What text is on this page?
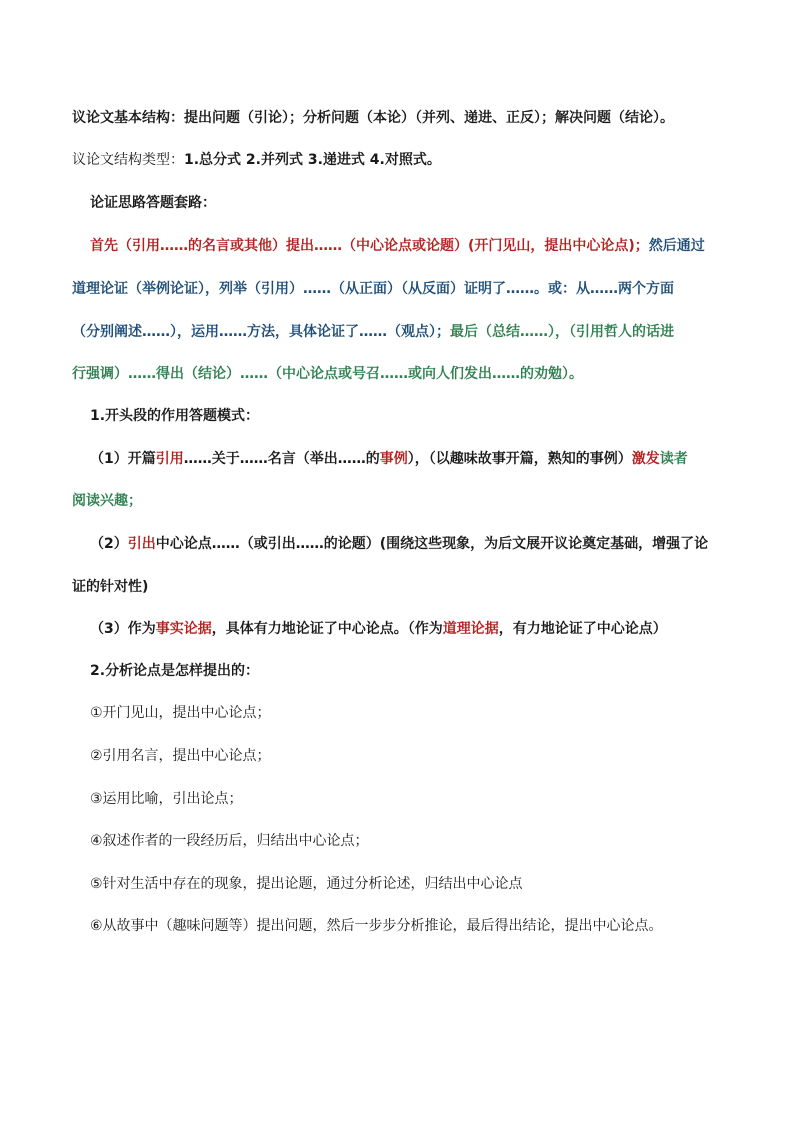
议论文基本结构：提出问题（引论）；分析问题（本论）（并列、递进、正反）；解决问题（结论）。
议论文结构类型：1.总分式 2.并列式 3.递进式 4.对照式。
论证思路答题套路：
首先（引用……的名言或其他）提出……（中心论点或论题）(开门见山，提出中心论点)；然后通过
道理论证（举例论证），列举（引用）……（从正面）（从反面）证明了……。或：从……两个方面
（分别阐述……），运用……方法，具体论证了……（观点）；最后（总结……），（引用哲人的话进
行强调）……得出（结论）……（中心论点或号召……或向人们发出……的劝勉）。
1.开头段的作用答题模式：
（1）开篇引用……关于……名言（举出……的事例），（以趣味故事开篇，熟知的事例）激发读者
阅读兴趣；
（2）引出中心论点……（或引出……的论题）(围绕这些现象，为后文展开议论奠定基础，增强了论
证的针对性)
（3）作为事实论据，具体有力地论证了中心论点。（作为道理论据，有力地论证了中心论点）
2.分析论点是怎样提出的：
①开门见山，提出中心论点；
②引用名言，提出中心论点；
③运用比喻，引出论点；
④叙述作者的一段经历后，归结出中心论点；
⑤针对生活中存在的现象，提出论题，通过分析论述，归结出中心论点
⑥从故事中（趣味问题等）提出问题，然后一步步分析推论，最后得出结论，提出中心论点。
